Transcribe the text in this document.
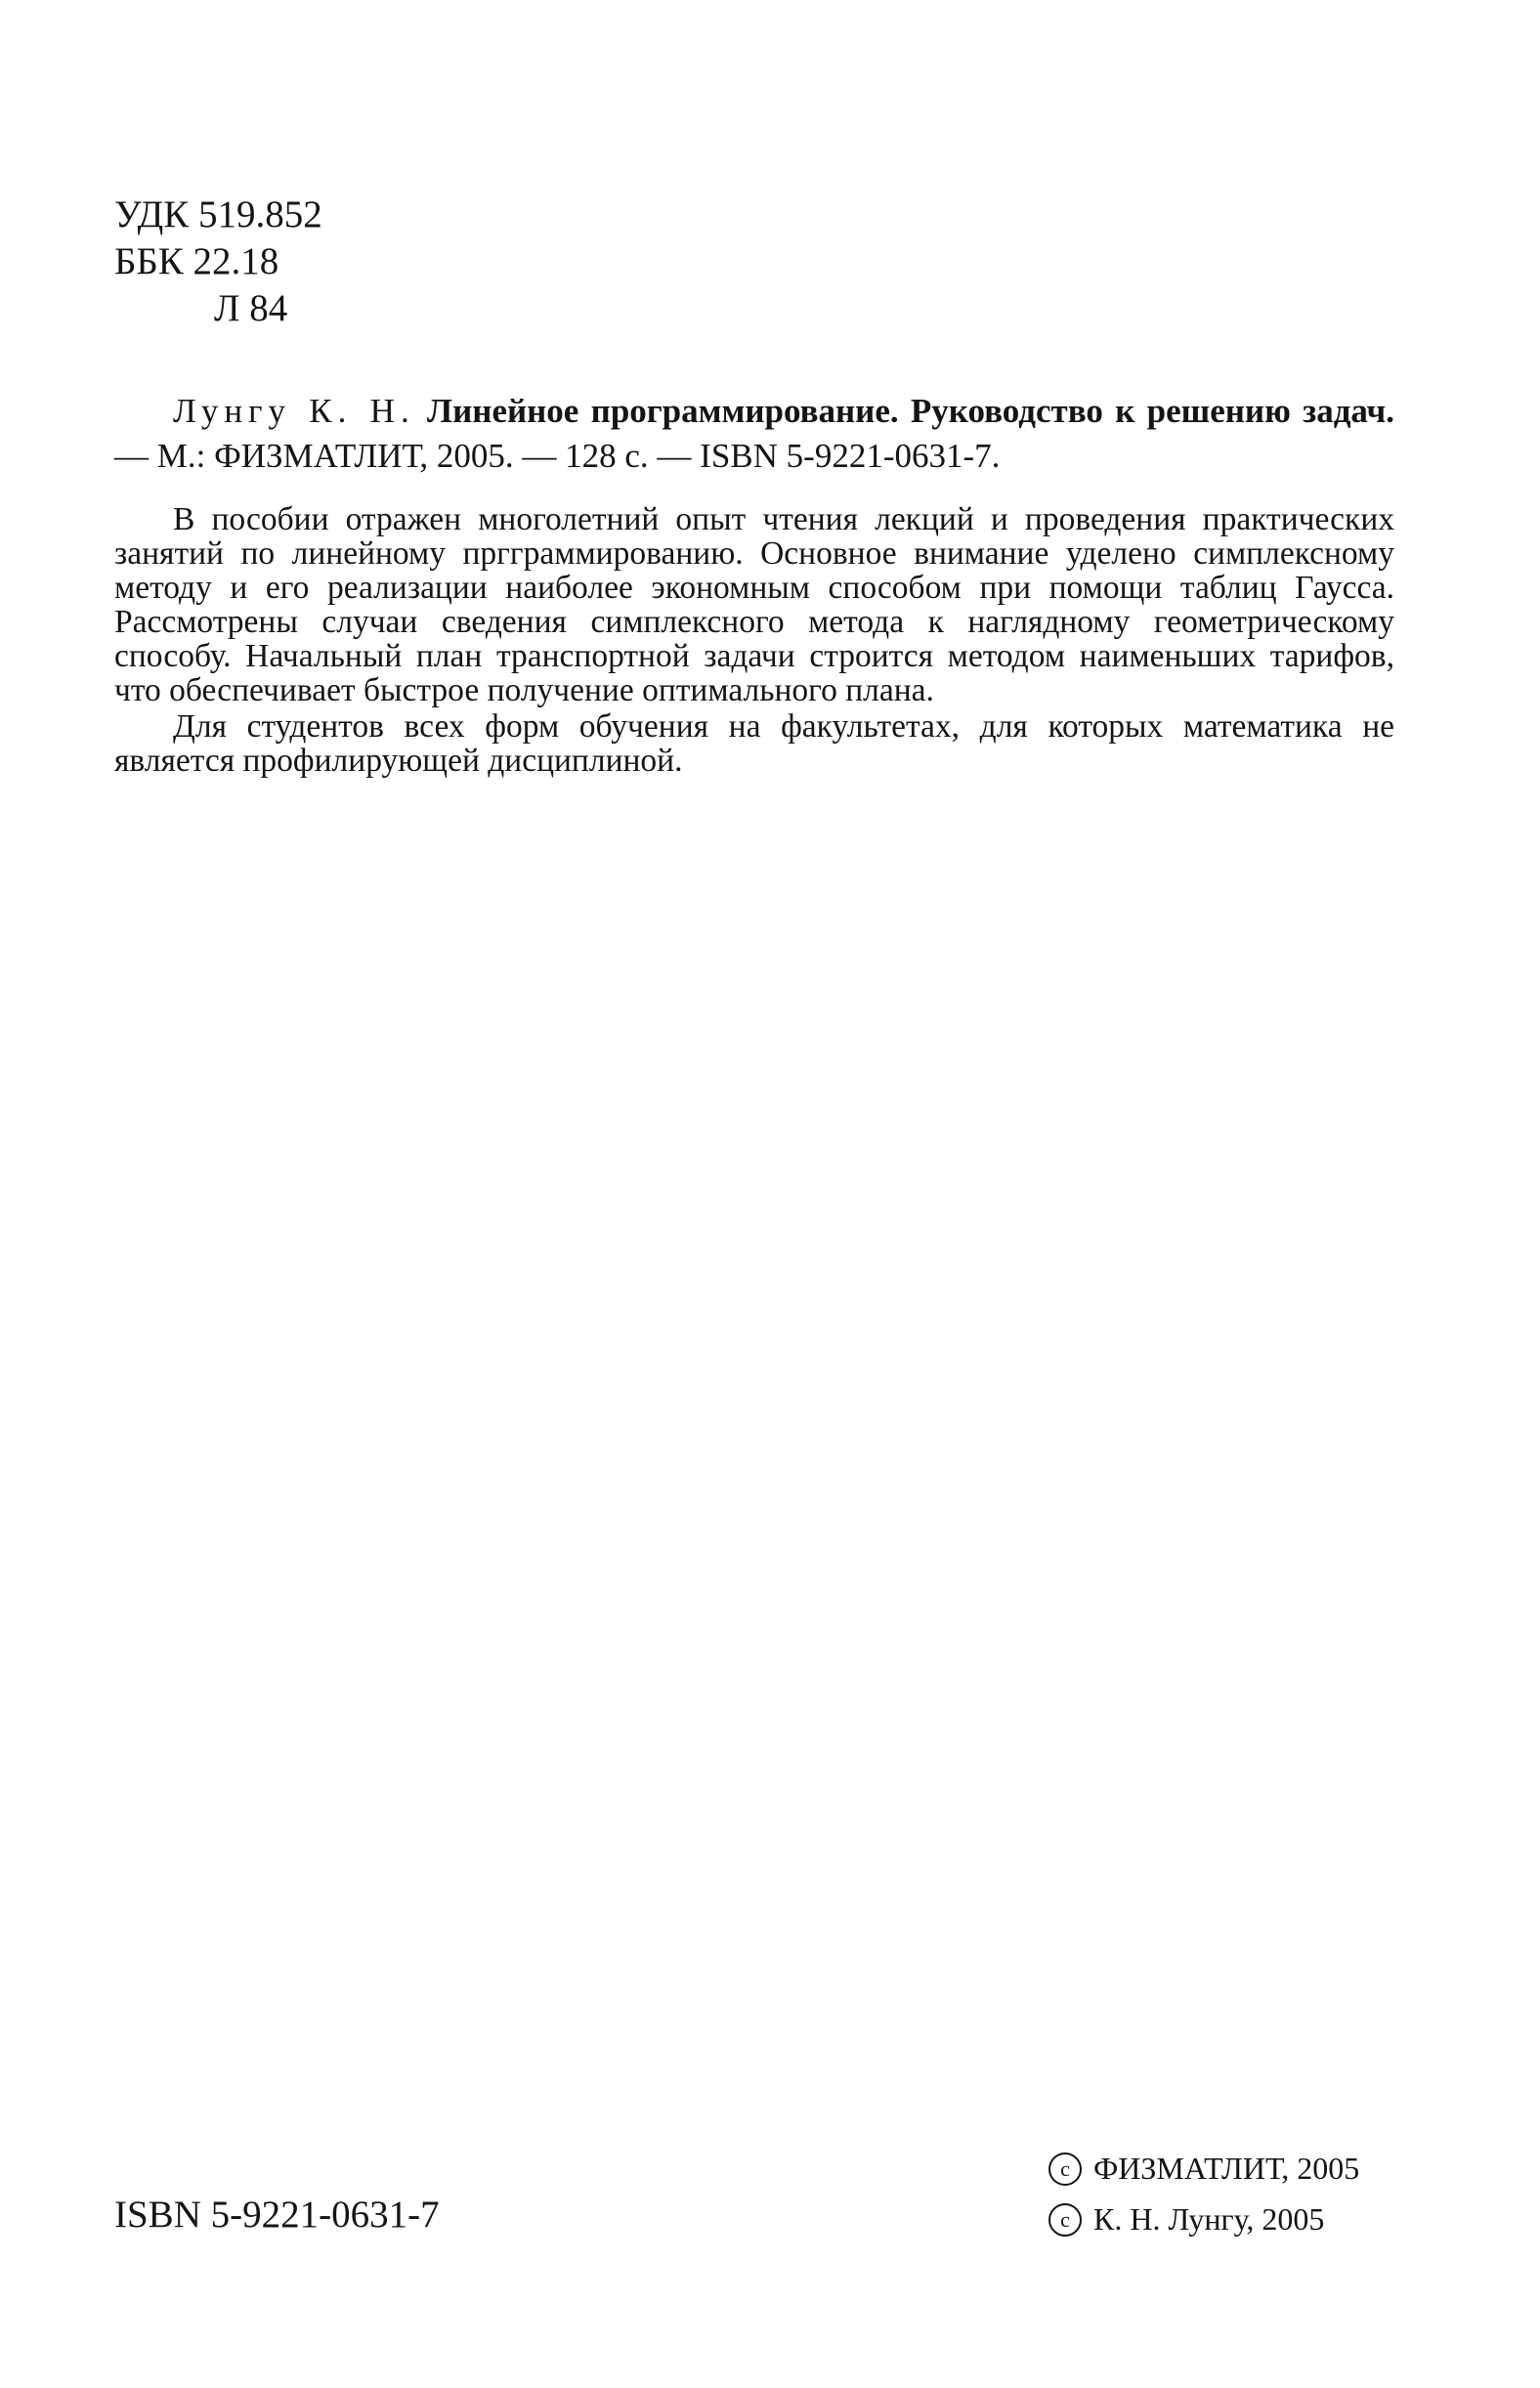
УДК 519.852
ББК 22.18
Л 84

Лунгу К. Н. Линейное программирование. Руководство к решению задач. — М.: ФИЗМАТЛИТ, 2005. — 128 с. — ISBN 5-9221-0631-7.

В пособии отражен многолетний опыт чтения лекций и проведения практических занятий по линейному пргграммированию. Основное внимание уделено симплексному методу и его реализации наиболее экономным способом при помощи таблиц Гаусса. Рассмотрены случаи сведения симплексного метода к наглядному геометрическому способу. Начальный план транспортной задачи строится методом наименьших тарифов, что обеспечивает быстрое получение оптимального плана.

Для студентов всех форм обучения на факультетах, для которых математика не является профилирующей дисциплиной.

ISBN 5-9221-0631-7
c ФИЗМАТЛИТ, 2005
c К. Н. Лунгу, 2005
